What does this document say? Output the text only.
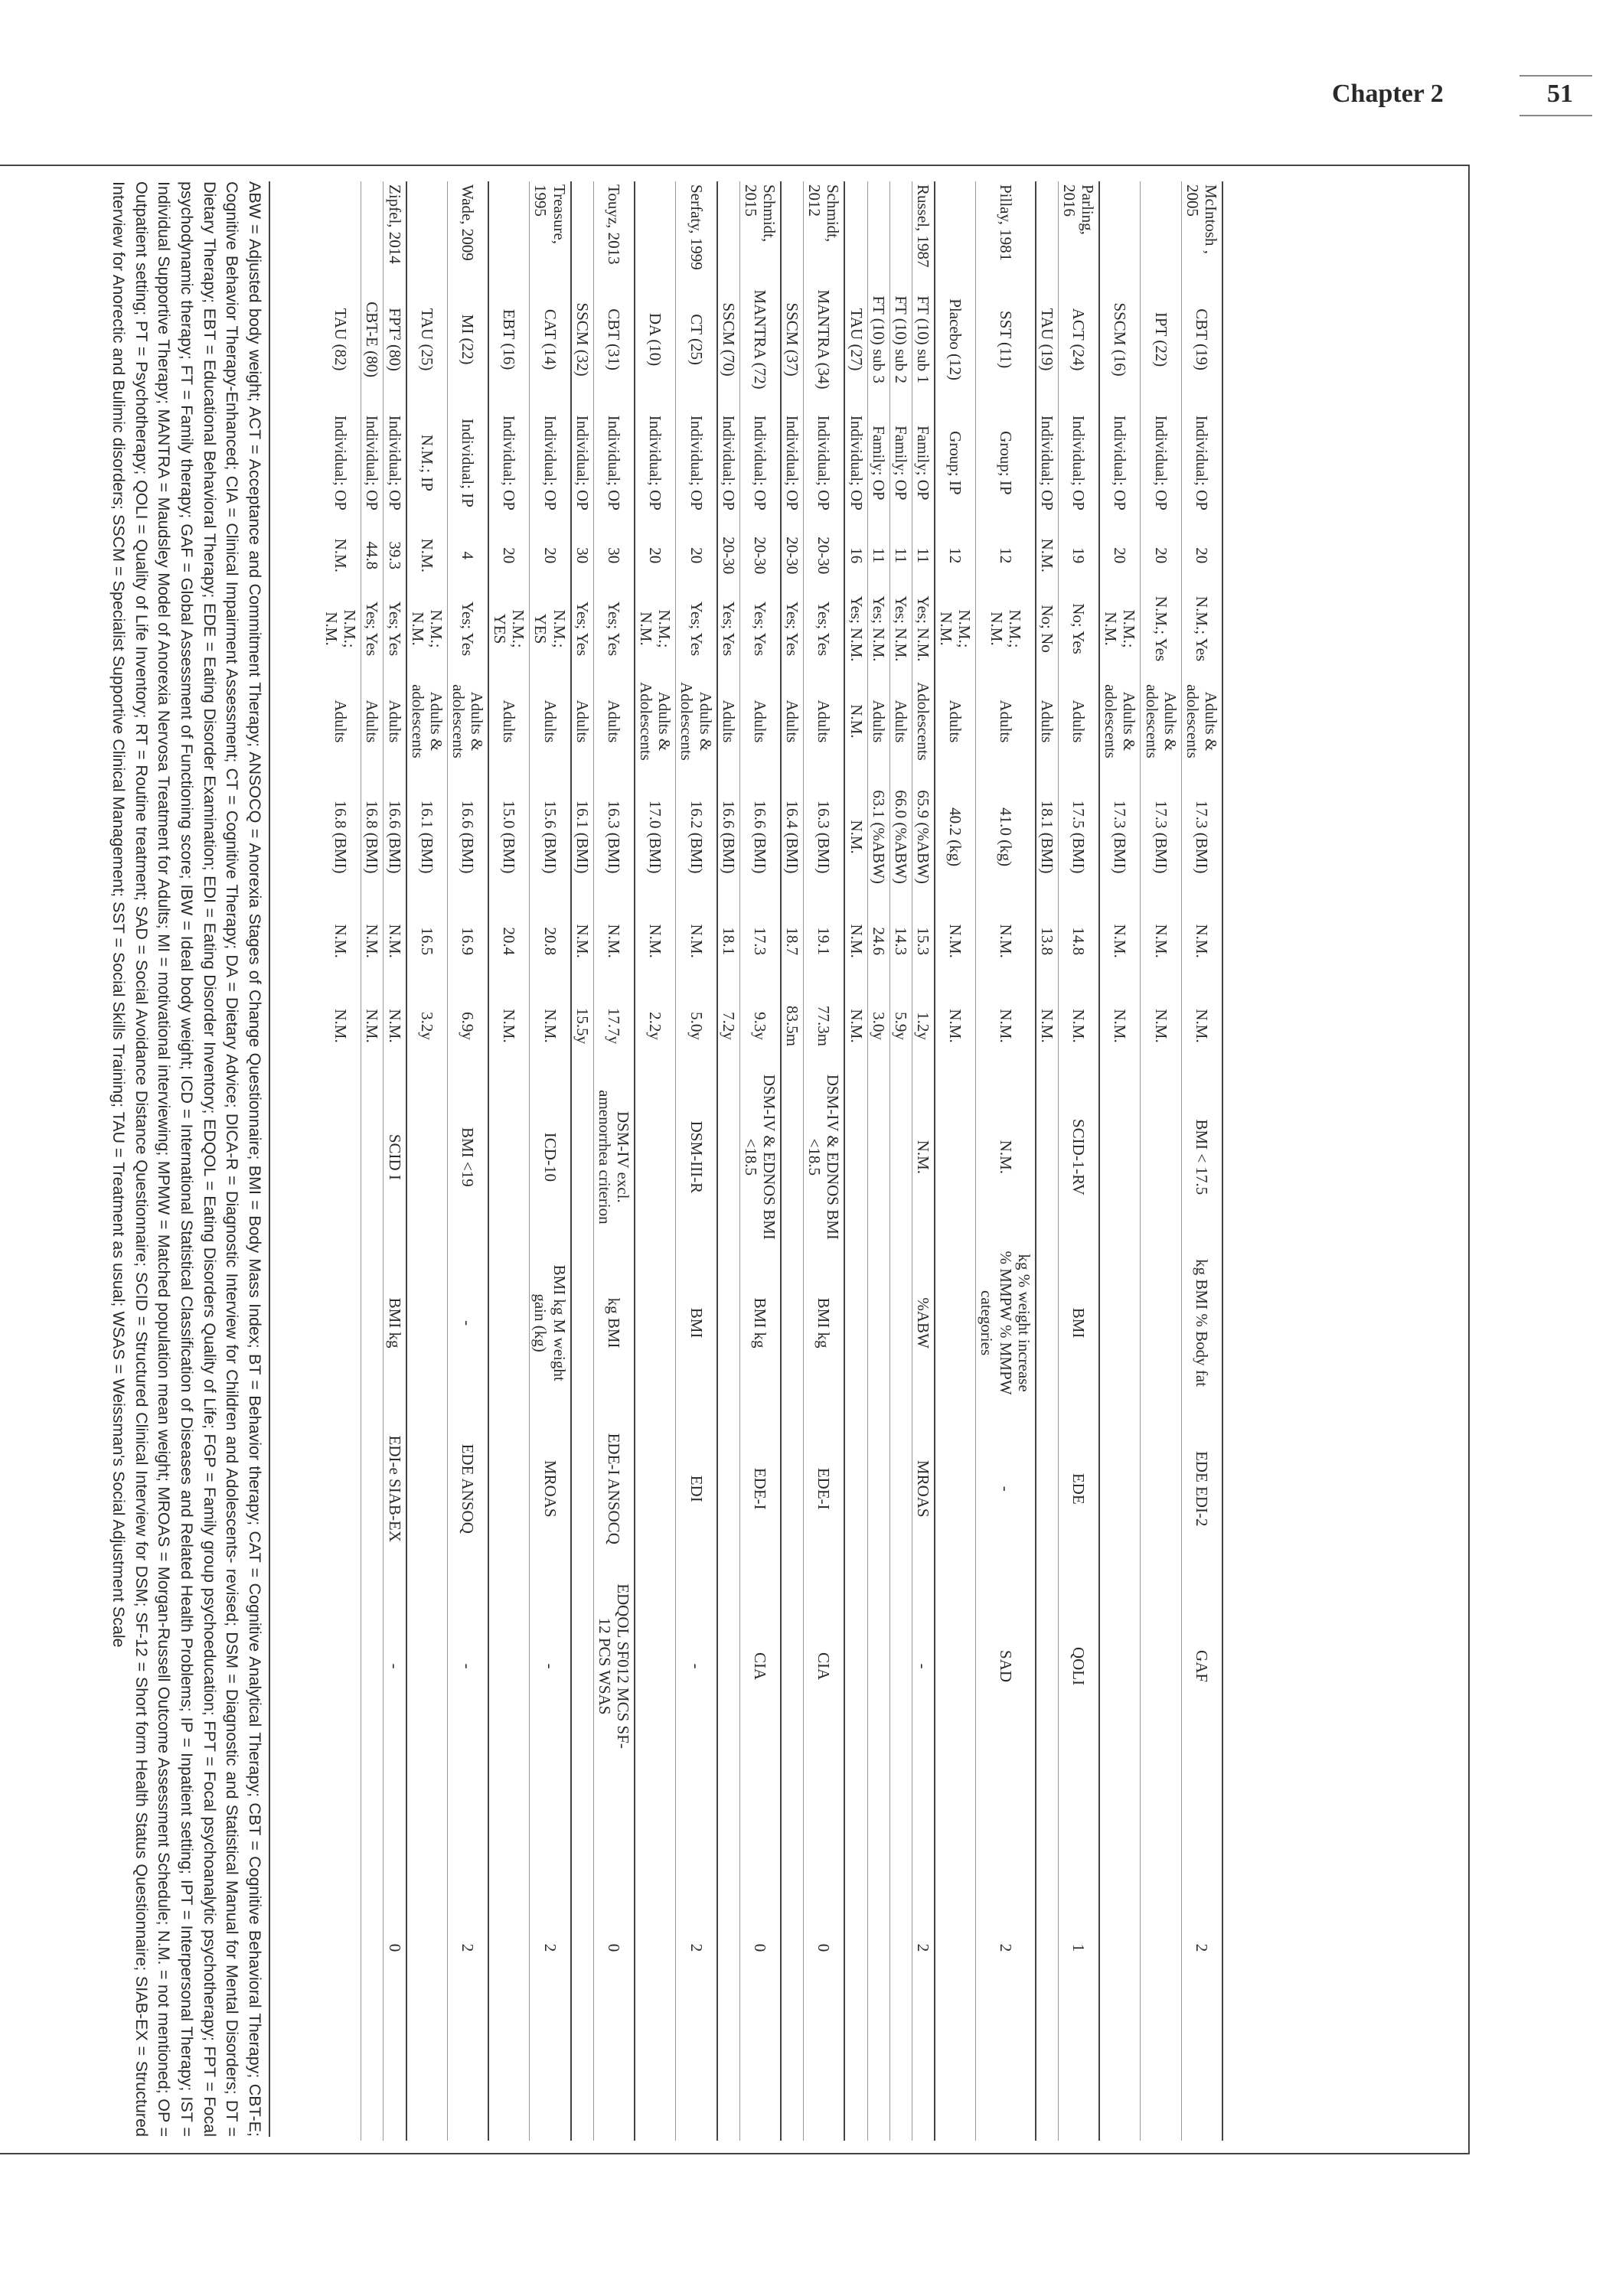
Chapter 2	51
McIntosh , 2005	CBT (19)	Individual; OP	20	N.M.; Yes	Adults & adolescents	17.3 (BMI)	N.M.	N.M.	BMI < 17.5	kg BMI % Body fat	EDE EDI-2	GAF	2
	IPT (22)	Individual; OP	20	N.M.; Yes	Adults & adolescents	17.3 (BMI)	N.M.	N.M.					
	SSCM (16)	Individual; OP	20	N.M.; N.M.	Adults & adolescents	17.3 (BMI)	N.M.	N.M.					
Parling, 2016	ACT (24)	Individual; OP	19	No; Yes	Adults	17.5 (BMI)	14.8	N.M.	SCID-1-RV	BMI	EDE	QOLI	1
	TAU (19)	Individual; OP	N.M.	No; No	Adults	18.1 (BMI)	13.8	N.M.					
Pillay, 1981	SST (11)	Group; IP	12	N.M.; N.M.	Adults	41.0 (kg)	N.M.	N.M.	N.M.	kg % weight increase % MMPW % MMPW categories	-	SAD	2
	Placebo (12)	Group; IP	12	N.M.; N.M.	Adults	40.2 (kg)	N.M.	N.M.					
Russel, 1987	FT (10) sub 1	Family; OP	11	Yes; N.M.	Adolescents	65.9 (%ABW)	15.3	1.2y	N.M.	%ABW	MROAS	-	2
	FT (10) sub 2	Family; OP	11	Yes; N.M.	Adults	66.0 (%ABW)	14.3	5.9y					
	FT (10) sub 3	Family; OP	11	Yes; N.M.	Adults	63.1 (%ABW)	24.6	3.0y					
	TAU (27)	Individual; OP	16	Yes; N.M.	N.M.	N.M.	N.M.	N.M.					
Schmidt, 2012	MANTRA (34)	Individual; OP	20-30	Yes; Yes	Adults	16.3 (BMI)	19.1	77.3m	DSM-IV & EDNOS BMI <18.5	BMI kg	EDE-I	CIA	0
	SSCM (37)	Individual; OP	20-30	Yes; Yes	Adults	16.4 (BMI)	18.7	83.5m					
Schmidt, 2015	MANTRA (72)	Individual; OP	20-30	Yes; Yes	Adults	16.6 (BMI)	17.3	9.3y	DSM-IV & EDNOS BMI <18.5	BMI kg	EDE-I	CIA	0
	SSCM (70)	Individual; OP	20-30	Yes; Yes	Adults	16.6 (BMI)	18.1	7.2y					
Serfaty, 1999	CT (25)	Individual; OP	20	Yes; Yes	Adults & Adolescents	16.2 (BMI)	N.M.	5.0y	DSM-III-R	BMI	EDI	-	2
	DA (10)	Individual; OP	20	N.M.; N.M.	Adults & Adolescents	17.0 (BMI)	N.M.	2.2y					
Touyz, 2013	CBT (31)	Individual; OP	30	Yes; Yes	Adults	16.3 (BMI)	N.M.	17.7y	DSM-IV excl. amenorrhea criterion	kg BMI	EDE-I ANSOCQ	EDQOL SF012 MCS SF-12 PCS WSAS	0
	SSCM (32)	Individual; OP	30	Yes; Yes	Adults	16.1 (BMI)	N.M.	15.5y					
Treasure, 1995	CAT (14)	Individual; OP	20	N.M.; YES	Adults	15.6 (BMI)	20.8	N.M.	ICD-10	BMI kg M weight gain (kg)	MROAS	-	2
	EBT (16)	Individual; OP	20	N.M.; YES	Adults	15.0 (BMI)	20.4	N.M.					
Wade, 2009	MI (22)	Individual; IP	4	Yes; Yes	Adults & adolescents	16.6 (BMI)	16.9	6.9y	BMI <19	-	EDE ANSOQ	-	2
	TAU (25)	N.M.; IP	N.M.	N.M.; N.M.	Adults & adolescents	16.1 (BMI)	16.5	3.2y					
Zipfel, 2014	FPT² (80)	Individual; OP	39.3	Yes; Yes	Adults	16.6 (BMI)	N.M.	N.M.	SCID I	BMI kg	EDI-e SIAB-EX	-	0
	CBT-E (80)	Individual; OP	44.8	Yes; Yes	Adults	16.8 (BMI)	N.M.	N.M.					
	TAU (82)	Individual; OP	N.M.	N.M.; N.M.	Adults	16.8 (BMI)	N.M.	N.M.					
ABW = Adjusted body weight; ACT = Acceptance and Commitment Therapy; ANSOCQ = Anorexia Stages of Change Questionnaire; BMI = Body Mass Index; BT = Behavior therapy; CAT = Cognitive Analytical Therapy; CBT = Cognitive Behavioral Therapy; CBT-E; Cognitive Behavior Therapy-Enhanced; CIA = Clinical Impairment Assessment; CT = Cognitive Therapy; DA = Dietary Advice; DICA-R = Diagnostic Interview for Children and Adolescents- revised; DSM = Diagnostic and Statistical Manual for Mental Disorders; DT = Dietary Therapy; EBT = Educational Behavioral Therapy; EDE = Eating Disorder Examination; EDI = Eating Disorder Inventory; EDQOL = Eating Disorders Quality of Life; FGP = Family group psychoeducation; FPT = Focal psychoanalytic psychotherapy; FPT = Focal psychodynamic therapy; FT = Family therapy; GAF = Global Assessment of Functioning score; IBW = Ideal body weight; ICD = International Statistical Classification of Diseases and Related Health Problems; IP = Inpatient setting; IPT = Interpersonal Therapy; IST = Individual Supportive Therapy; MANTRA = Maudsley Model of Anorexia Nervosa Treatment for Adults; MI = motivational interviewing; MPMW = Matched population mean weight; MROAS = Morgan-Russell Outcome Assessment Schedule; N.M. = not mentioned; OP = Outpatient setting; PT = Psychotherapy; QOLI = Quality of Life Inventory; RT = Routine treatment; SAD = Social Avoidance Distance Questionnaire; SCID = Structured Clinical Interview for DSM; SF-12 = Short form Health Status Questionnaire; SIAB-EX = Structured Interview for Anorectic and Bulimic disorders; SSCM = Specialist Supportive Clinical Management; SST = Social Skills Training; TAU = Treatment as usual; WSAS = Weissman's Social Adjustment Scale
